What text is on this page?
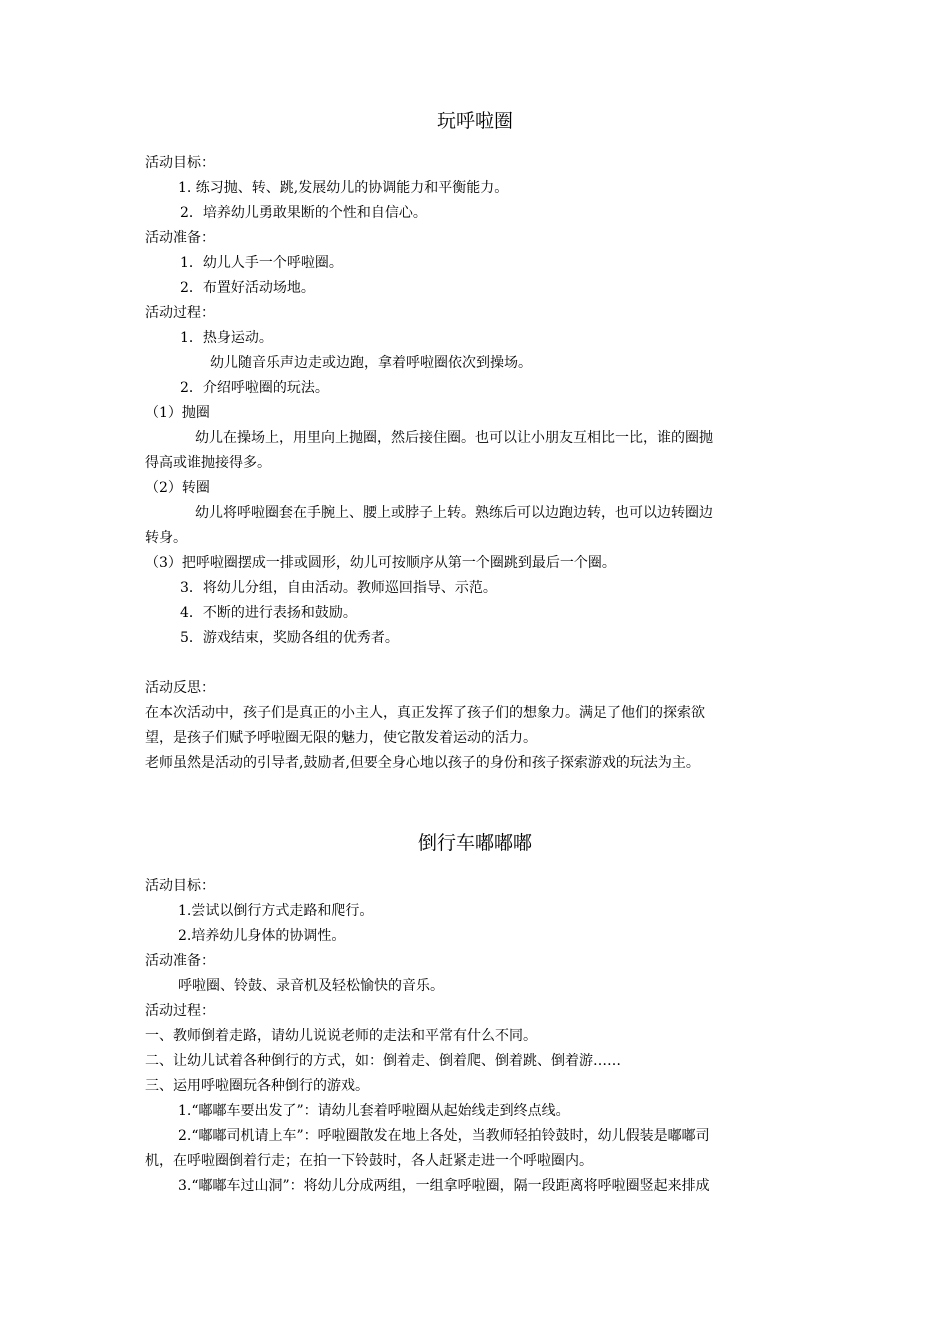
玩呼啦圈
活动目标：
1. 练习抛、转、跳,发展幼儿的协调能力和平衡能力。
2．培养幼儿勇敢果断的个性和自信心。
活动准备：
1．幼儿人手一个呼啦圈。
2．布置好活动场地。
活动过程：
1．热身运动。
幼儿随音乐声边走或边跑，拿着呼啦圈依次到操场。
2．介绍呼啦圈的玩法。
（1）抛圈
幼儿在操场上，用里向上抛圈，然后接住圈。也可以让小朋友互相比一比，谁的圈抛
得高或谁抛接得多。
（2）转圈
幼儿将呼啦圈套在手腕上、腰上或脖子上转。熟练后可以边跑边转，也可以边转圈边
转身。
（3）把呼啦圈摆成一排或圆形，幼儿可按顺序从第一个圈跳到最后一个圈。
3．将幼儿分组，自由活动。教师巡回指导、示范。
4．不断的进行表扬和鼓励。
5．游戏结束，奖励各组的优秀者。
活动反思：
在本次活动中，孩子们是真正的小主人，真正发挥了孩子们的想象力。满足了他们的探索欲
望，是孩子们赋予呼啦圈无限的魅力，使它散发着运动的活力。
老师虽然是活动的引导者,鼓励者,但要全身心地以孩子的身份和孩子探索游戏的玩法为主。
倒行车嘟嘟嘟
活动目标：
1.尝试以倒行方式走路和爬行。
2.培养幼儿身体的协调性。
活动准备：
呼啦圈、铃鼓、录音机及轻松愉快的音乐。
活动过程：
一、教师倒着走路，请幼儿说说老师的走法和平常有什么不同。
二、让幼儿试着各种倒行的方式，如：倒着走、倒着爬、倒着跳、倒着游……
三、运用呼啦圈玩各种倒行的游戏。
1.“嘟嘟车要出发了”：请幼儿套着呼啦圈从起始线走到终点线。
2.“嘟嘟司机请上车”：呼啦圈散发在地上各处，当教师轻拍铃鼓时，幼儿假装是嘟嘟司
机，在呼啦圈倒着行走；在拍一下铃鼓时，各人赶紧走进一个呼啦圈内。
3.“嘟嘟车过山洞”：将幼儿分成两组，一组拿呼啦圈，隔一段距离将呼啦圈竖起来排成
